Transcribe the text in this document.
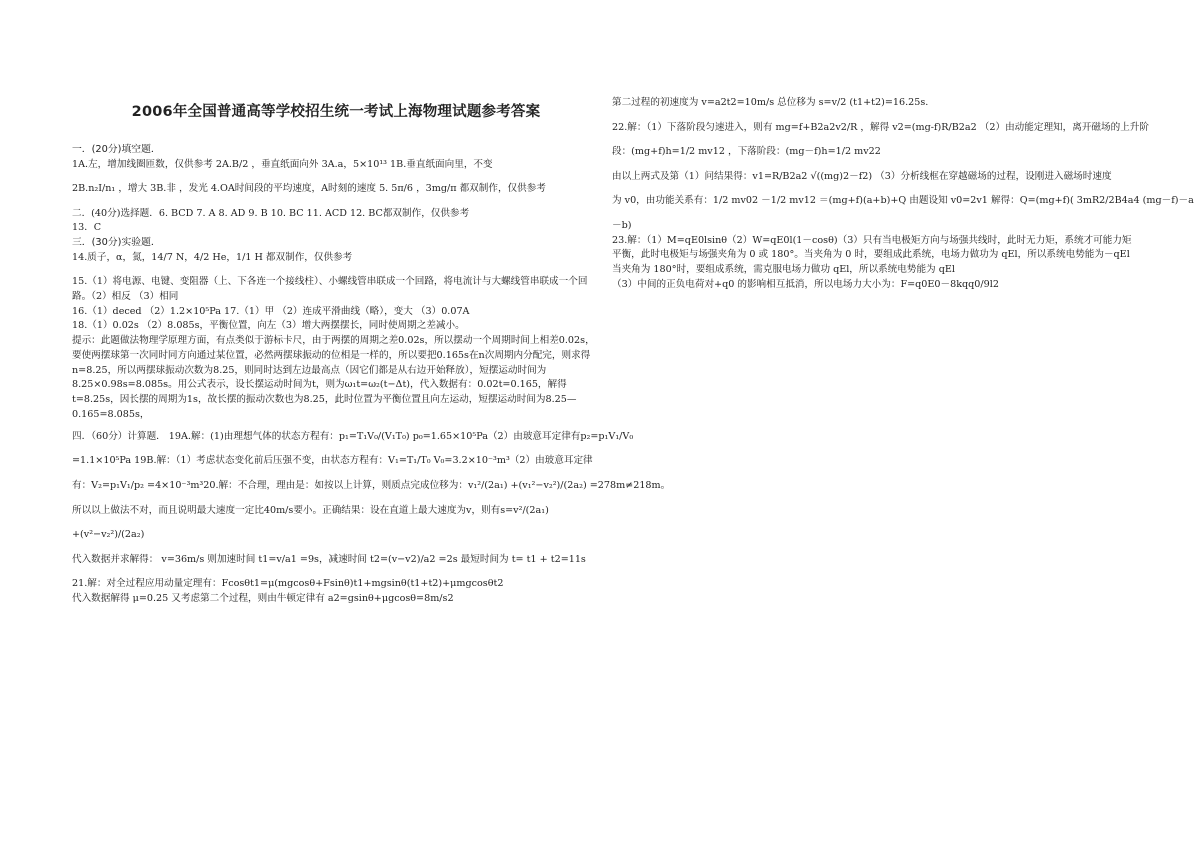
2006年全国普通高等学校招生统一考试上海物理试题参考答案
一．(20分)填空题．
1A.左，增加线圈匝数，仅供参考 2A.B/2 ，垂直纸面向外 3A.a，5×10¹³ 1B.垂直纸面向里，不变
2B.n₂I/n₁ ，增大 3B.非 ，发光 4.OA时间段的平均速度，A时刻的速度 5. 5π/6 ，3mg/π 都双制作，仅供参考
二．(40分)选择题．6. BCD 7. A 8. AD 9. B 10. BC 11. ACD 12. BC都双制作，仅供参考
13．C
三．(30分)实验题．
14.质子，α，氮，14/7 N，4/2 He，1/1 H 都双制作，仅供参考
15.（1）将电源、电键、变阻器（上、下各连一个接线柱）、小螺线管串联成一个回路，将电流计与大螺线管串联成一个回路。（2）相反 （3）相同
16.（1）deced （2）1.2×10⁵Pa 17.（1）甲 （2）连成平滑曲线（略），变大 （3）0.07A
18.（1）0.02s （2）8.085s，平衡位置，向左（3）增大两摆摆长，同时使周期之差减小。
提示：此题做法物理学原理方面，有点类似于游标卡尺，由于两摆的周期之差0.02s，所以摆动一个周期时间上相差0.02s，要使两摆球第一次同时同方向通过某位置，必然两摆球振动的位相是一样的，所以要把0.165s在n次周期内分配完，则求得n=8.25，所以两摆球振动次数为8.25，则同时达到左边最高点（因它们都是从右边开始释放），短摆运动时间为8.25×0.98s=8.085s。用公式表示，设长摆运动时间为t，则为ω₁t=ω₂(t−Δt)，代入数据有：0.02t=0.165，解得t=8.25s，因长摆的周期为1s，故长摆的振动次数也为8.25，此时位置为平衡位置且向左运动，短摆运动时间为8.25—0.165=8.085s，
四．（60分）计算题． 19A.解：(1)由理想气体的状态方程有：p₁=T₁V₀/(V₁T₀) p₀=1.65×10⁵Pa（2）由玻意耳定律有p₂=p₁V₁/V₀
=1.1×10⁵Pa 19B.解：（1）考虑状态变化前后压强不变，由状态方程有：V₁=T₁/T₀ V₀=3.2×10⁻³m³（2）由玻意耳定律
有：V₂=p₁V₁/p₂ =4×10⁻³m³20.解：不合理，理由是：如按以上计算，则质点完成位移为：v₁²/(2a₁) +(v₁²−v₂²)/(2a₂) =278m≠218m。
所以以上做法不对，而且说明最大速度一定比40m/s要小。正确结果：设在直道上最大速度为v，则有s=v²/(2a₁)
+(v²−v₂²)/(2a₂)
代入数据并求解得： v=36m/s 则加速时间 t1=v/a1 =9s，减速时间 t2=(v−v2)/a2 =2s 最短时间为 t= t1 + t2=11s
21.解：对全过程应用动量定理有：Fcosθt1=μ(mgcosθ+Fsinθ)t1+mgsinθ(t1+t2)+μmgcosθt2
代入数据解得 μ=0.25 又考虑第二个过程，则由牛顿定律有 a2=gsinθ+μgcosθ=8m/s2
第二过程的初速度为 v=a2t2=10m/s 总位移为 s=v/2 (t1+t2)=16.25s.
22.解：（1）下落阶段匀速进入，则有 mg=f+B2a2v2/R ，解得 v2=(mg-f)R/B2a2 （2）由动能定理知，离开磁场的上升阶
段：(mg+f)h=1/2 mv12 ，下落阶段：(mg－f)h=1/2 mv22
由以上两式及第（1）问结果得：v1=R/B2a2 √((mg)2－f2) （3）分析线框在穿越磁场的过程，设刚进入磁场时速度
为 v0，由功能关系有：1/2 mv02 －1/2 mv12 ＝(mg+f)(a+b)+Q 由题设知 v0=2v1 解得：Q=(mg+f)( 3mR2/2B4a4 (mg－f)－a
－b)
23.解：（1）M=qE0lsinθ（2）W=qE0l(1－cosθ)（3）只有当电极矩方向与场强共线时，此时无力矩，系统才可能力矩平衡，此时电极矩与场强夹角为 0 或 180°。当夹角为 0 时，要组成此系统，电场力做功为 qEl，所以系统电势能为－qEl 当夹角为 180°时，要组成系统，需克服电场力做功 qEl，所以系统电势能为 qEl
（3）中间的正负电荷对+q0 的影响相互抵消，所以电场力大小为：F=q0E0－8kqq0/9l2
